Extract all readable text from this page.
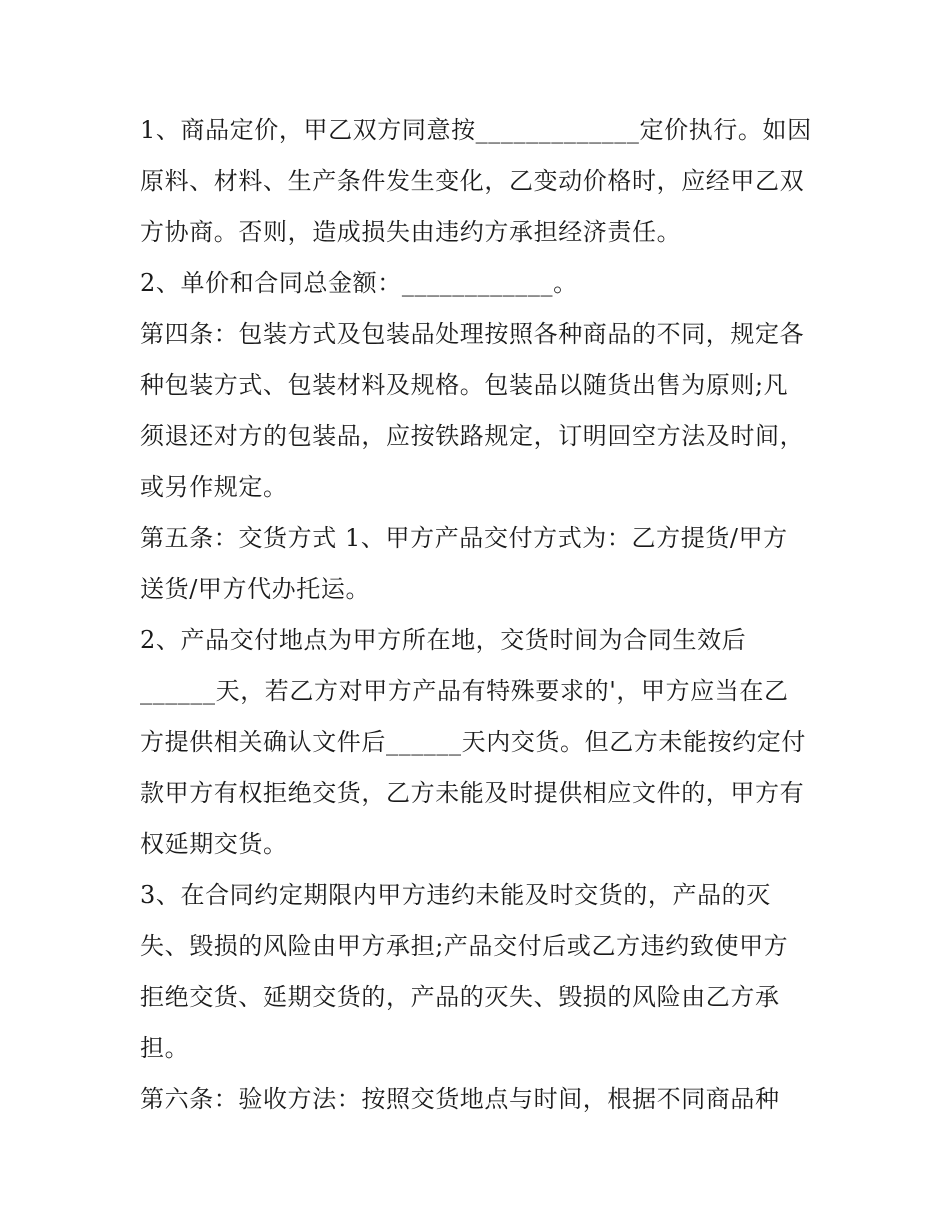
1、商品定价，甲乙双方同意按_____________定价执行。如因
原料、材料、生产条件发生变化，乙变动价格时，应经甲乙双
方协商。否则，造成损失由违约方承担经济责任。
2、单价和合同总金额：____________。
第四条：包装方式及包装品处理按照各种商品的不同，规定各
种包装方式、包装材料及规格。包装品以随货出售为原则;凡
须退还对方的包装品，应按铁路规定，订明回空方法及时间，
或另作规定。
第五条：交货方式 1、甲方产品交付方式为：乙方提货/甲方
送货/甲方代办托运。
2、产品交付地点为甲方所在地，交货时间为合同生效后
______天，若乙方对甲方产品有特殊要求的'，甲方应当在乙
方提供相关确认文件后______天内交货。但乙方未能按约定付
款甲方有权拒绝交货，乙方未能及时提供相应文件的，甲方有
权延期交货。
3、在合同约定期限内甲方违约未能及时交货的，产品的灭
失、毁损的风险由甲方承担;产品交付后或乙方违约致使甲方
拒绝交货、延期交货的，产品的灭失、毁损的风险由乙方承
担。
第六条：验收方法：按照交货地点与时间，根据不同商品种
